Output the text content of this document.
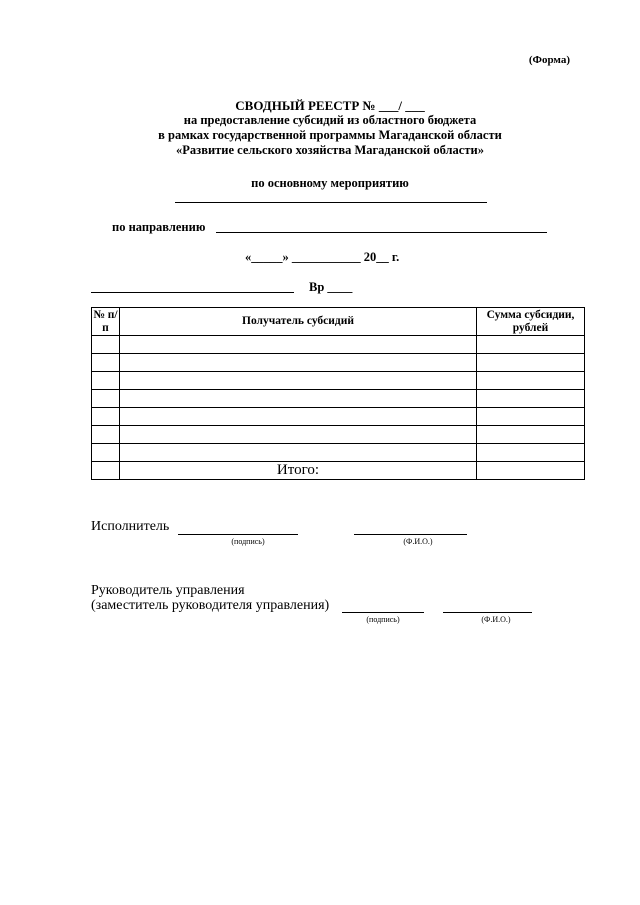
(Форма)
СВОДНЫЙ РЕЕСТР № ___/ ___
на предоставление субсидий из областного бюджета
в рамках государственной программы Магаданской области
«Развитие сельского хозяйства Магаданской области»
по основному мероприятию
по направлению
«_____» ___________ 20__ г.
Вр ____
№ п/п	Получатель субсидий	Сумма субсидии, рублей

	Итого:	
Исполнитель
(подпись)	(Ф.И.О.)
Руководитель управления
(заместитель руководителя управления)
(подпись)	(Ф.И.О.)
